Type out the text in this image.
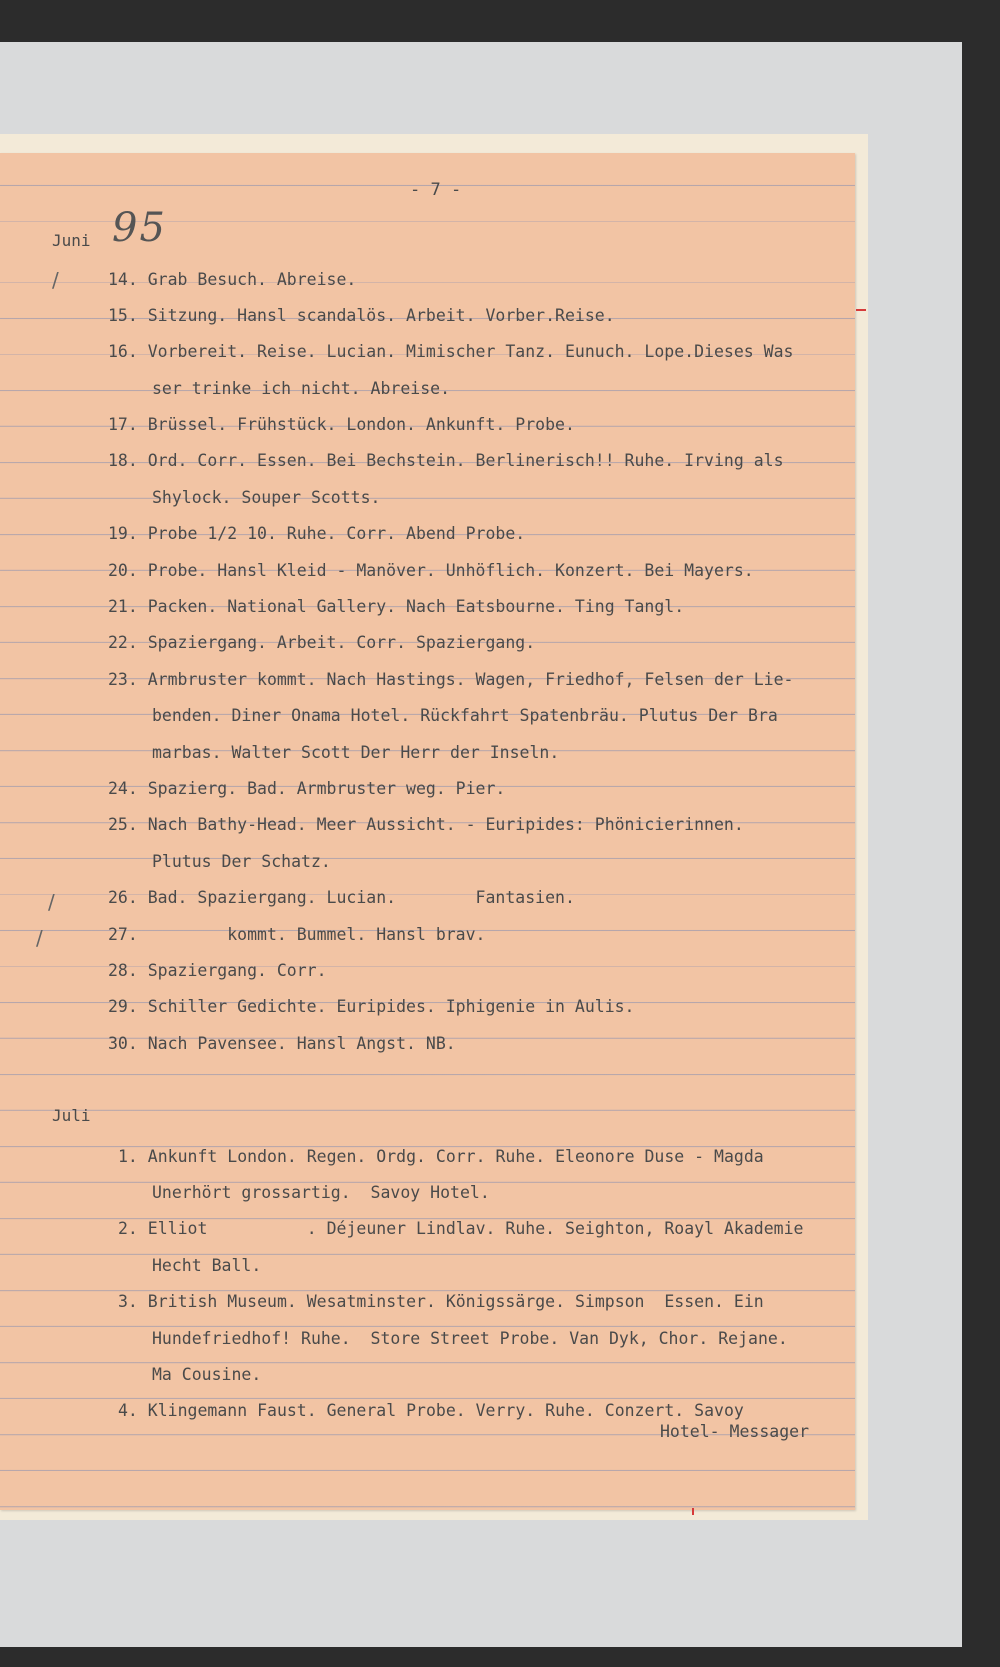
- 7 -
Juni 95
/
/
/
14. Grab Besuch. Abreise.
15. Sitzung. Hansl scandalös. Arbeit. Vorber.Reise.
16. Vorbereit. Reise. Lucian. Mimischer Tanz. Eunuch. Lope.Dieses Was
ser trinke ich nicht. Abreise.
17. Brüssel. Frühstück. London. Ankunft. Probe.
18. Ord. Corr. Essen. Bei Bechstein. Berlinerisch!! Ruhe. Irving als
Shylock. Souper Scotts.
19. Probe 1/2 10. Ruhe. Corr. Abend Probe.
20. Probe. Hansl Kleid - Manöver. Unhöflich. Konzert. Bei Mayers.
21. Packen. National Gallery. Nach Eatsbourne. Ting Tangl.
22. Spaziergang. Arbeit. Corr. Spaziergang.
23. Armbruster kommt. Nach Hastings. Wagen, Friedhof, Felsen der Lie-
benden. Diner Onama Hotel. Rückfahrt Spatenbräu. Plutus Der Bra
marbas. Walter Scott Der Herr der Inseln.
24. Spazierg. Bad. Armbruster weg. Pier.
25. Nach Bathy-Head. Meer Aussicht. - Euripides: Phönicierinnen.
Plutus Der Schatz.
26. Bad. Spaziergang. Lucian.        Fantasien.
27.         kommt. Bummel. Hansl brav.
28. Spaziergang. Corr.
29. Schiller Gedichte. Euripides. Iphigenie in Aulis.
30. Nach Pavensee. Hansl Angst. NB.
Juli
1. Ankunft London. Regen. Ordg. Corr. Ruhe. Eleonore Duse - Magda
Unerhört grossartig.  Savoy Hotel.
2. Elliot          . Déjeuner Lindlav. Ruhe. Seighton, Roayl Akademie
Hecht Ball.
3. British Museum. Wesatminster. Königssärge. Simpson  Essen. Ein
Hundefriedhof! Ruhe.  Store Street Probe. Van Dyk, Chor. Rejane.
Ma Cousine.
4. Klingemann Faust. General Probe. Verry. Ruhe. Conzert. Savoy
Hotel- Messager
